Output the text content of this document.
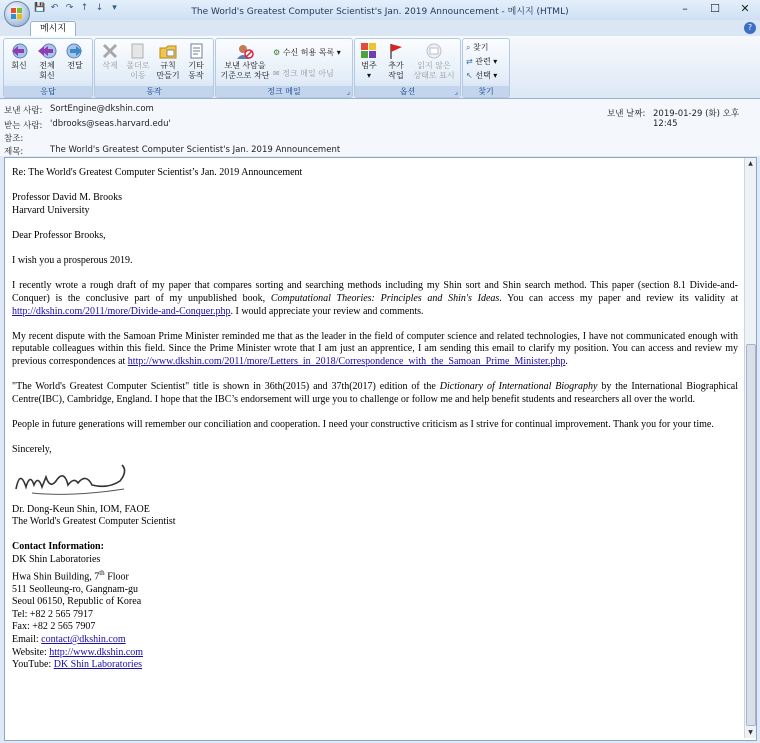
💾 ↶ ↷ ↑ ↓ ▾	The World's Greatest Computer Scientist's Jan. 2019 Announcement - 메시지 (HTML)	–	☐	✕
메시지	?
회신	전체
회신
전달
응답
삭제	폴더로
이동
규칙
만들기
기타
동작
동작
보낸 사람을
기준으로 차단
⚙ 수신 허용 목록 ▾
✉ 정크 메일 아님
정크 메일	⌟
범주
▾
추가
작업
읽지 않은
상태로 표시
옵션	⌟
⌕ 찾기
⇄ 관련 ▾
↖ 선택 ▾
찾기
보낸 사람: SortEngine@dkshin.com
받는 사람: 'dbrooks@seas.harvard.edu'
참조:
제목:	The World's Greatest Computer Scientist's Jan. 2019 Announcement
보낸 날짜: 2019-01-29 (화) 오후 12:45

Re: The World's Greatest Computer Scientist’s Jan. 2019 Announcement

Professor David M. Brooks
Harvard University

Dear Professor Brooks,

I wish you a prosperous 2019.

I recently wrote a rough draft of my paper that compares sorting and searching methods including my Shin sort and Shin search method. This paper (section 8.1 Divide-and-Conquer) is the conclusive part of my unpublished book, Computational Theories: Principles and Shin's Ideas. You can access my paper and review its validity at http://dkshin.com/2011/more/Divide-and-Conquer.php. I would appreciate your review and comments.

My recent dispute with the Samoan Prime Minister reminded me that as the leader in the field of computer science and related technologies, I have not communicated enough with reputable colleagues within this field. Since the Prime Minister wrote that I am just an apprentice, I am sending this email to clarify my position. You can access and review my previous correspondences at http://www.dkshin.com/2011/more/Letters_in_2018/Correspondence_with_the_Samoan_Prime_Minister.php.

"The World's Greatest Computer Scientist" title is shown in 36th(2015) and 37th(2017) edition of the Dictionary of International Biography by the International Biographical Centre(IBC), Cambridge, England. I hope that the IBC’s endorsement will urge you to challenge or follow me and help benefit students and researchers all over the world.

People in future generations will remember our conciliation and cooperation. I need your constructive criticism as I strive for continual improvement. Thank you for your time.

Sincerely,

Dr. Dong-Keun Shin, IOM, FAOE
The World's Greatest Computer Scientist

Contact Information:
DK Shin Laboratories
Hwa Shin Building, 7th Floor
511 Seolleung-ro, Gangnam-gu
Seoul 06150, Republic of Korea
Tel: +82 2 565 7917
Fax: +82 2 565 7907
Email: contact@dkshin.com
Website: http://www.dkshin.com
YouTube: DK Shin Laboratories
▲
▼
